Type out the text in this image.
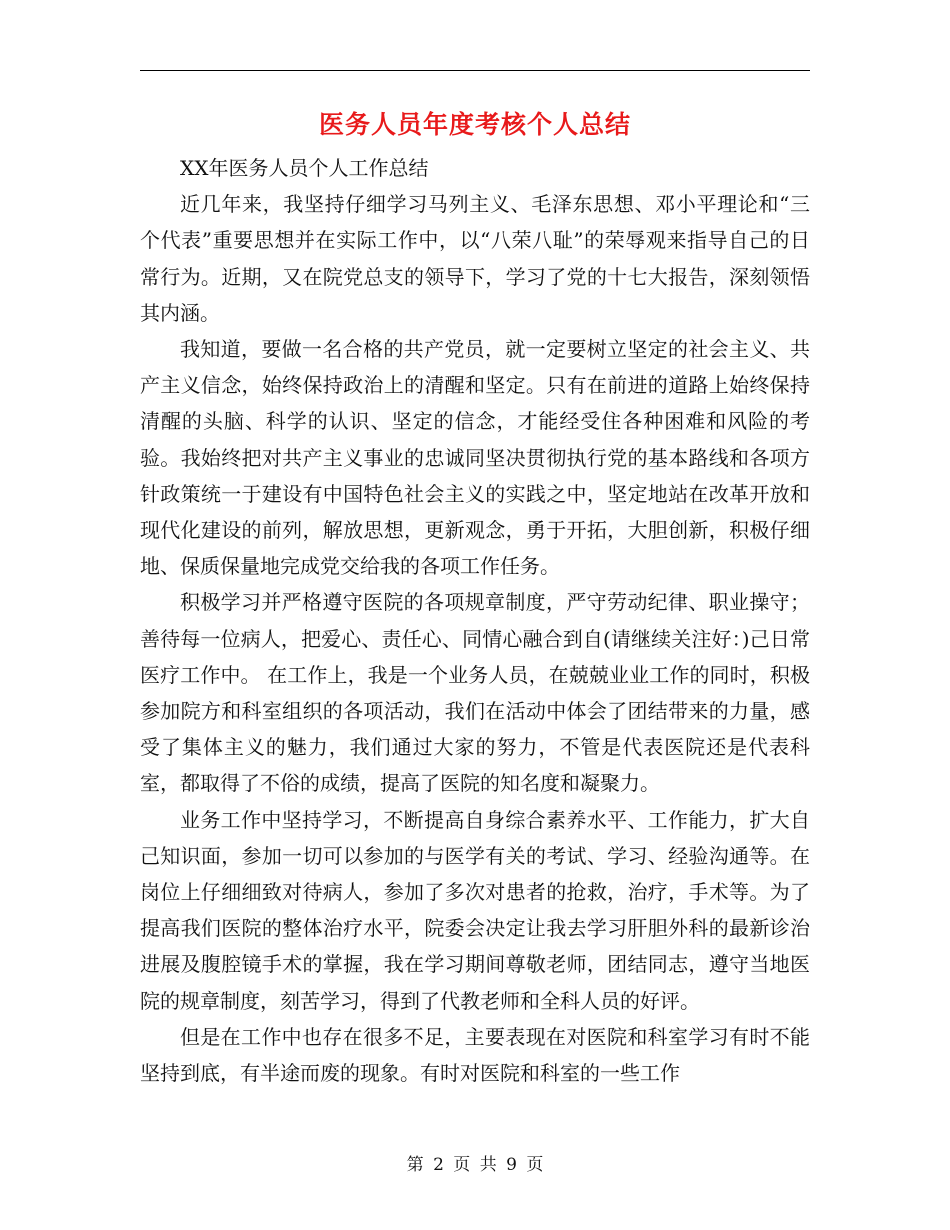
医务人员年度考核个人总结

XX年医务人员个人工作总结

近几年来，我坚持仔细学习马列主义、毛泽东思想、邓小平理论和“三个代表”重要思想并在实际工作中，以“八荣八耻”的荣辱观来指导自己的日常行为。近期，又在院党总支的领导下，学习了党的十七大报告，深刻领悟其内涵。

我知道，要做一名合格的共产党员，就一定要树立坚定的社会主义、共产主义信念，始终保持政治上的清醒和坚定。只有在前进的道路上始终保持清醒的头脑、科学的认识、坚定的信念，才能经受住各种困难和风险的考验。我始终把对共产主义事业的忠诚同坚决贯彻执行党的基本路线和各项方针政策统一于建设有中国特色社会主义的实践之中，坚定地站在改革开放和现代化建设的前列，解放思想，更新观念，勇于开拓，大胆创新，积极仔细地、保质保量地完成党交给我的各项工作任务。

积极学习并严格遵守医院的各项规章制度，严守劳动纪律、职业操守；善待每一位病人，把爱心、责任心、同情心融合到自(请继续关注好：)己日常医疗工作中。 在工作上，我是一个业务人员，在兢兢业业工作的同时，积极参加院方和科室组织的各项活动，我们在活动中体会了团结带来的力量，感受了集体主义的魅力，我们通过大家的努力，不管是代表医院还是代表科室，都取得了不俗的成绩，提高了医院的知名度和凝聚力。

业务工作中坚持学习，不断提高自身综合素养水平、工作能力，扩大自己知识面，参加一切可以参加的与医学有关的考试、学习、经验沟通等。在岗位上仔细细致对待病人，参加了多次对患者的抢救，治疗，手术等。为了提高我们医院的整体治疗水平，院委会决定让我去学习肝胆外科的最新诊治进展及腹腔镜手术的掌握，我在学习期间尊敬老师，团结同志，遵守当地医院的规章制度，刻苦学习，得到了代教老师和全科人员的好评。

但是在工作中也存在很多不足，主要表现在对医院和科室学习有时不能坚持到底，有半途而废的现象。有时对医院和科室的一些工作

第 2 页 共 9 页
